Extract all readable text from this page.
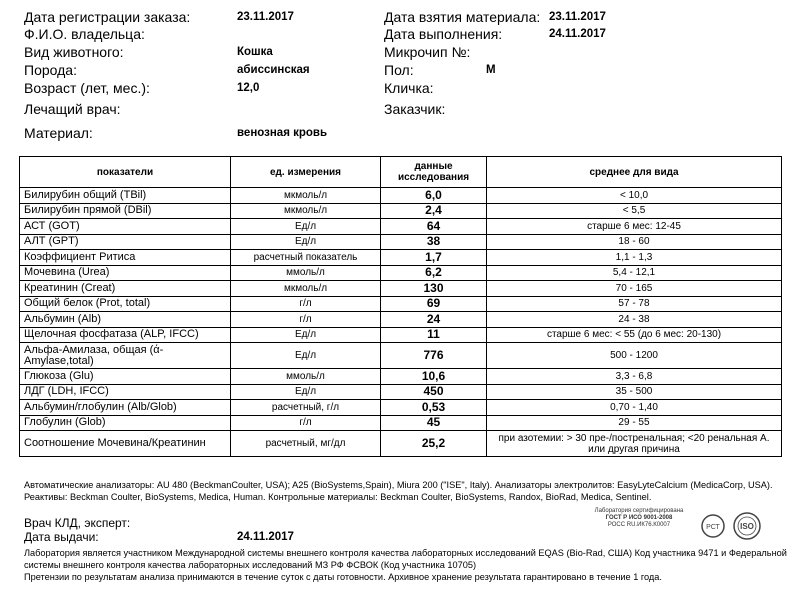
Дата регистрации заказа:	23.11.2017
Ф.И.О. владельца:
Вид животного:	Кошка
Порода:	абиссинская
Возраст (лет, мес.):	12,0
Лечащий врач:
Материал:	венозная кровь
Дата взятия материала: 23.11.2017
Дата выполнения:	24.11.2017
Микрочип №:
Пол:	М
Кличка:
Заказчик:
показатели	ед. измерения	данные исследования	среднее для вида
Билирубин общий (TBil)	мкмоль/л	6,0	< 10,0
Билирубин прямой (DBil)	мкмоль/л	2,4	< 5,5
АСТ (GOT)	Ед/л	64	старше 6 мес: 12-45
АЛТ (GPT)	Ед/л	38	18 - 60
Коэффициент Ритиса	расчетный показатель	1,7	1,1 - 1,3
Мочевина (Urea)	ммоль/л	6,2	5,4 - 12,1
Креатинин (Creat)	мкмоль/л	130	70 - 165
Общий белок (Prot, total)	г/л	69	57 - 78
Альбумин (Alb)	г/л	24	24 - 38
Щелочная фосфатаза (ALP, IFCC)	Ед/л	11	старше 6 мес: < 55 (до 6 мес: 20-130)
Альфа-Амилаза, общая (ά-Amylase,total)	Ед/л	776	500 - 1200
Глюкоза (Glu)	ммоль/л	10,6	3,3 - 6,8
ЛДГ (LDH, IFCC)	Ед/л	450	35 - 500
Альбумин/глобулин (Alb/Glob)	расчетный, г/л	0,53	0,70 - 1,40
Глобулин (Glob)	г/л	45	29 - 55
Соотношение Мочевина/Креатинин	расчетный, мг/дл	25,2	при азотемии: > 30 пре-/постренальная; <20 ренальная А. или другая причина
Автоматические анализаторы: AU 480 (BeckmanCoulter, USA); A25 (BioSystems,Spain), Miura 200 ("ISE", Italy). Анализаторы электролитов: EasyLyteCalcium (MedicaCorp, USA).
Реактивы: Beckman Coulter, BioSystems, Medica, Human. Контрольные материалы: Beckman Coulter, BioSystems, Randox, BioRad, Medica, Sentinel.
Врач КЛД, эксперт:
Дата выдачи:	24.11.2017
Лаборатория является участником Международной системы внешнего контроля качества лабораторных исследований EQAS (Bio-Rad, США) Код участника 9471 и Федеральной
системы внешнего контроля качества лабораторных исследований МЗ РФ ФСВОК (Код участника 10705)
Претензии по результатам анализа принимаются в течение суток с даты готовности. Архивное хранение результата гарантировано в течение 1 года.
Лаборатория сертифицирована
ГОСТ Р ИСО 9001-2008
РОСС RU.ИК76.К0007	РСТ	ISO
